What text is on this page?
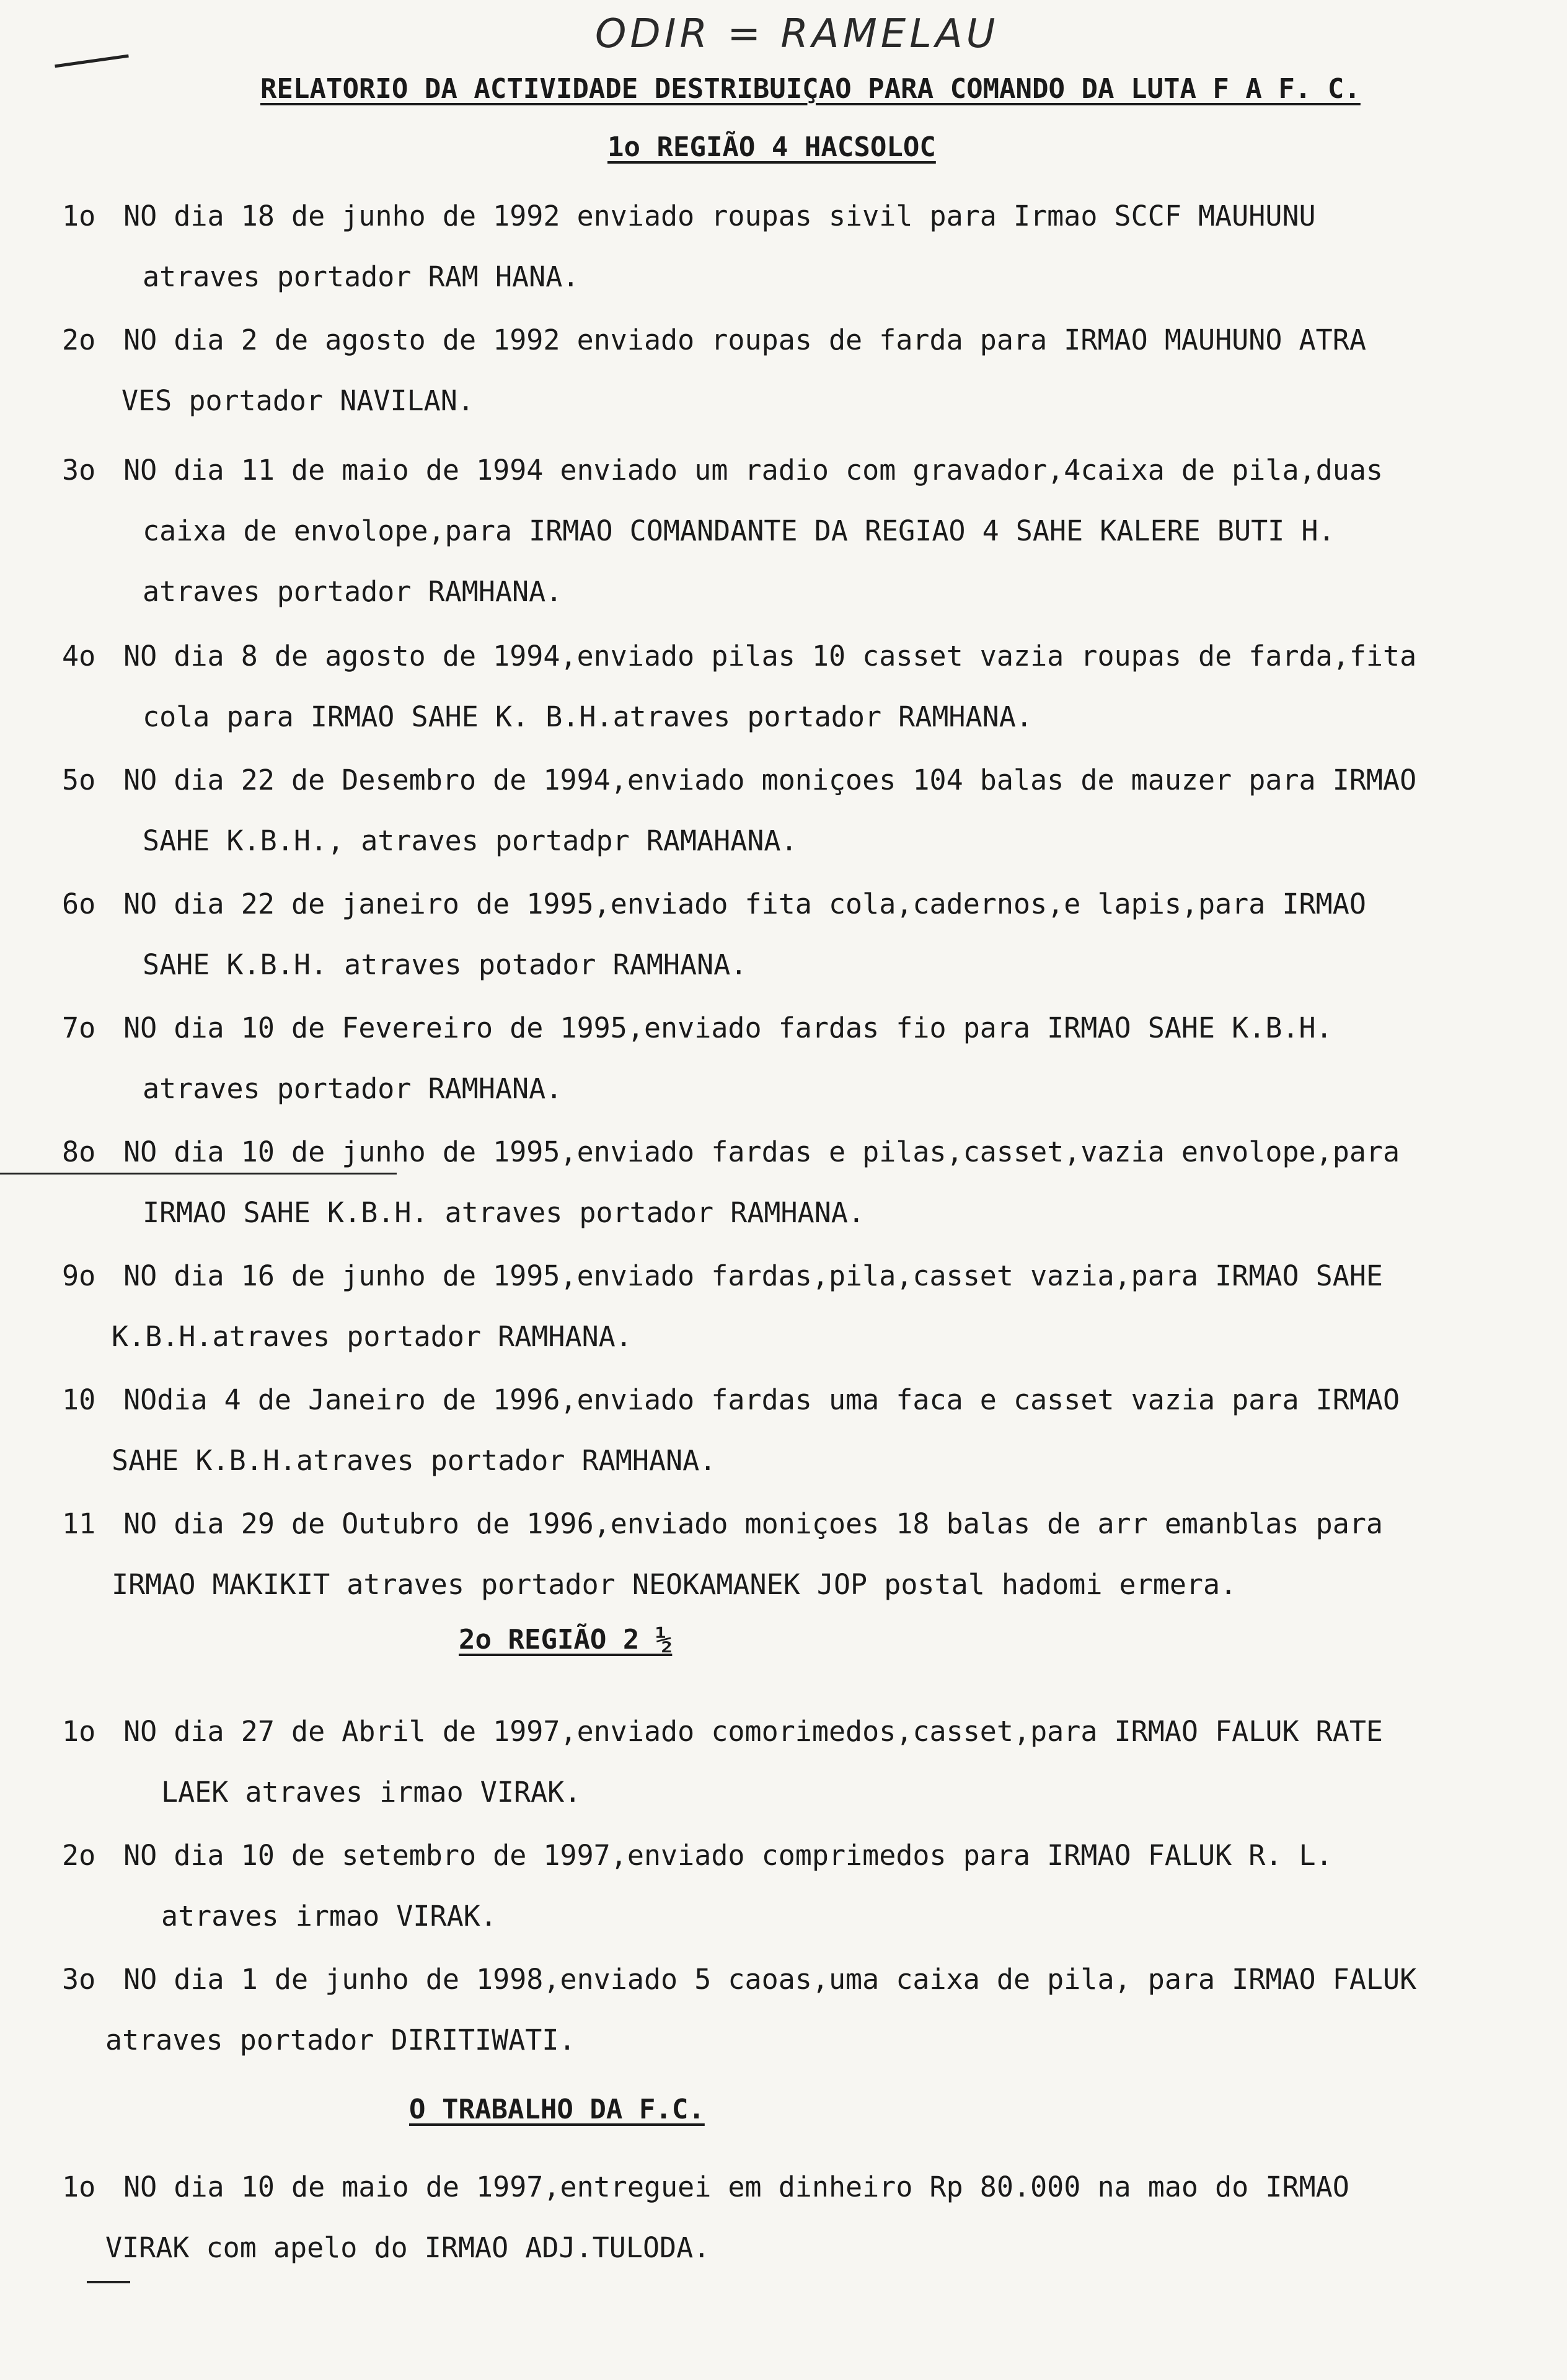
ODIR = RAMELAU
RELATORIO DA ACTIVIDADE DESTRIBUIÇAO PARA COMANDO DA LUTA F A F. C.
1o REGIÃO 4 HACSOLOC
1o NO dia 18 de junho de 1992 enviado roupas sivil para Irmao SCCF MAUHUNU
atraves portador RAM HANA.
2o NO dia 2 de agosto de 1992 enviado roupas de farda para IRMAO MAUHUNO ATRA
VES portador NAVILAN.
3o NO dia 11 de maio de 1994 enviado um radio com gravador,4caixa de pila,duas
caixa de envolope,para IRMAO COMANDANTE DA REGIAO 4 SAHE KALERE BUTI H.
atraves portador RAMHANA.
4o NO dia 8 de agosto de 1994,enviado pilas 10 casset vazia roupas de farda,fita
cola para IRMAO SAHE K. B.H.atraves portador RAMHANA.
5o NO dia 22 de Desembro de 1994,enviado moniçoes 104 balas de mauzer para IRMAO
SAHE K.B.H., atraves portadpr RAMAHANA.
6o NO dia 22 de janeiro de 1995,enviado fita cola,cadernos,e lapis,para IRMAO
SAHE K.B.H. atraves potador RAMHANA.
7o NO dia 10 de Fevereiro de 1995,enviado fardas fio para IRMAO SAHE K.B.H.
atraves portador RAMHANA.
8o NO dia 10 de junho de 1995,enviado fardas e pilas,casset,vazia envolope,para
IRMAO SAHE K.B.H. atraves portador RAMHANA.
9o NO dia 16 de junho de 1995,enviado fardas,pila,casset vazia,para IRMAO SAHE
K.B.H.atraves portador RAMHANA.
10 NOdia 4 de Janeiro de 1996,enviado fardas uma faca e casset vazia para IRMAO
SAHE K.B.H.atraves portador RAMHANA.
11 NO dia 29 de Outubro de 1996,enviado moniçoes 18 balas de arr emanblas para
IRMAO MAKIKIT atraves portador NEOKAMANEK JOP postal hadomi ermera.
2o REGIÃO 2 ½
1o NO dia 27 de Abril de 1997,enviado comorimedos,casset,para IRMAO FALUK RATE
LAEK atraves irmao VIRAK.
2o NO dia 10 de setembro de 1997,enviado comprimedos para IRMAO FALUK R. L.
atraves irmao VIRAK.
3o NO dia 1 de junho de 1998,enviado 5 caoas,uma caixa de pila, para IRMAO FALUK
atraves portador DIRITIWATI.
O TRABALHO DA F.C.
1o NO dia 10 de maio de 1997,entreguei em dinheiro Rp 80.000 na mao do IRMAO
VIRAK com apelo do IRMAO ADJ.TULODA.
